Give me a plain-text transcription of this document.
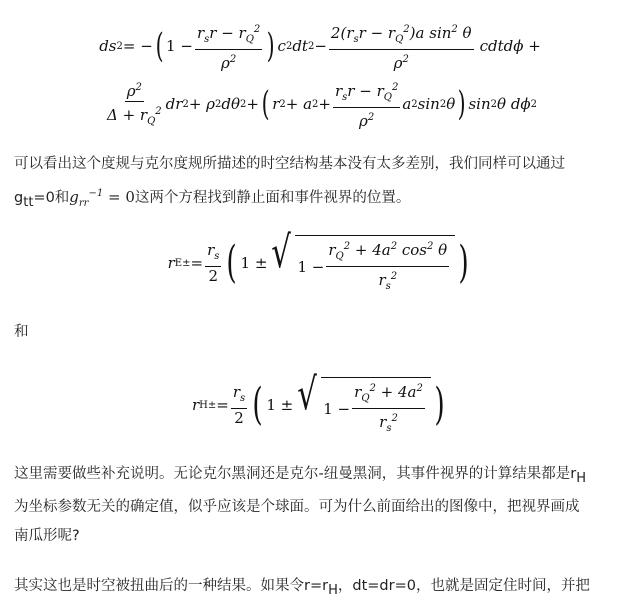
ds 2 = − ( $1 - \frac{r_sr - r_Q^2}{\rho^2}$ ) c 2 dt $2 - \frac{2(r_sr - r_Q^2)a \sin^2 \theta}{\rho^2}$ cdtdϕ +
$\frac{\rho^2}{\Delta + r_Q^2}$ dr 2 + ρ 2 dθ 2 + ( r 2 + a $2 + \frac{r_sr - r_Q^2}{\rho^2}$ a 2 sin 2 θ ) sin 2 θ dϕ 2
可以看出这个度规与克尔度规所描述的时空结构基本没有太多差别，我们同样可以通过
$g_{tt}=0$和$g_{rr}^{-1} = 0$这两个方程找到静止面和事件视界的位置。
r $E\pm = \frac{r_s}{2}$ ( 1 ± √ $1 - \frac{r_Q^2 + 4a^2 \cos^2 \theta}{r_s^2}$ )
和
r $H\pm = \frac{r_s}{2}$ ( 1 ± √ $1 - \frac{r_Q^2 + 4a^2}{r_s^2}$ )
这里需要做些补充说明。无论克尔黑洞还是克尔-纽曼黑洞，其事件视界的计算结果都是$r_H$
为坐标参数无关的确定值，似乎应该是个球面。可为什么前面给出的图像中，把视界画成
南瓜形呢?
其实这也是时空被扭曲后的一种结果。如果令$r=r_H$，dt=dr=0，也就是固定住时间，并把
